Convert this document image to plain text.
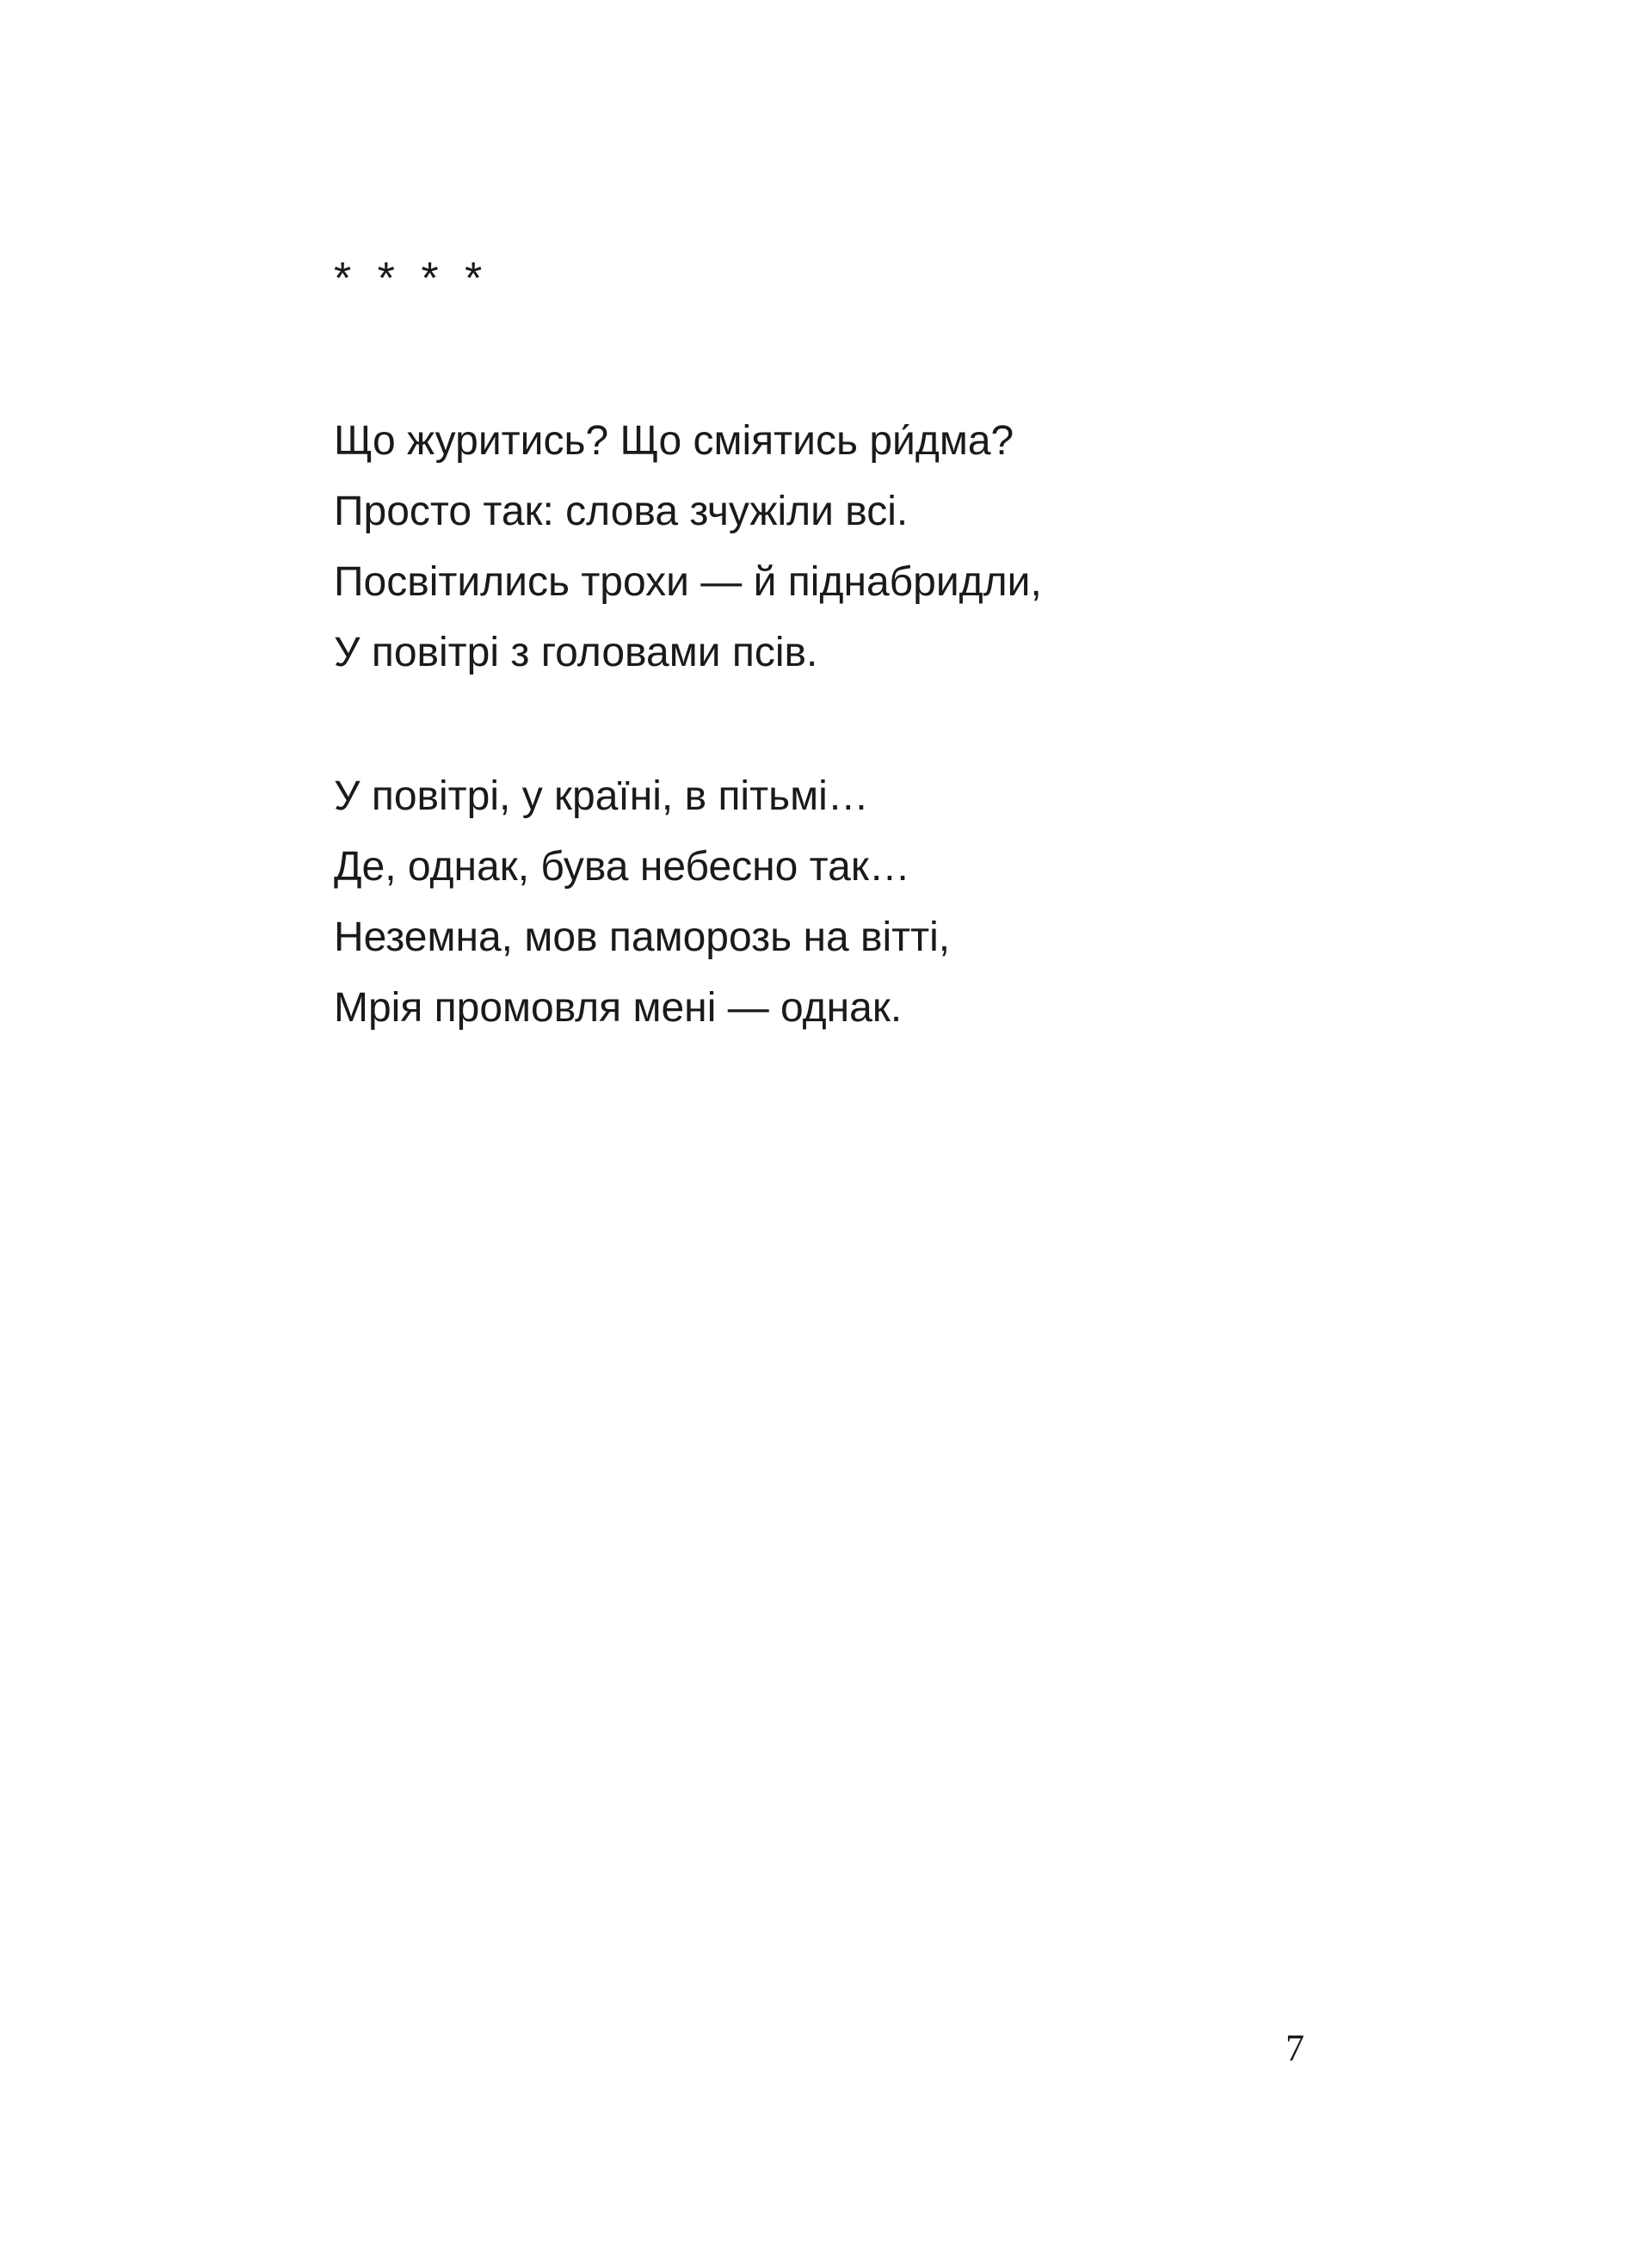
* * * *
Що журитись? Що сміятись ри́дма?
Просто так: слова зчужіли всі.
Посвітились трохи — й піднабридли,
У повітрі з головами псів.
У повітрі, у країні, в пітьмі…
Де, однак, бува небесно так…
Неземна, мов паморозь на вітті,
Мрія промовля мені — однак.
7
